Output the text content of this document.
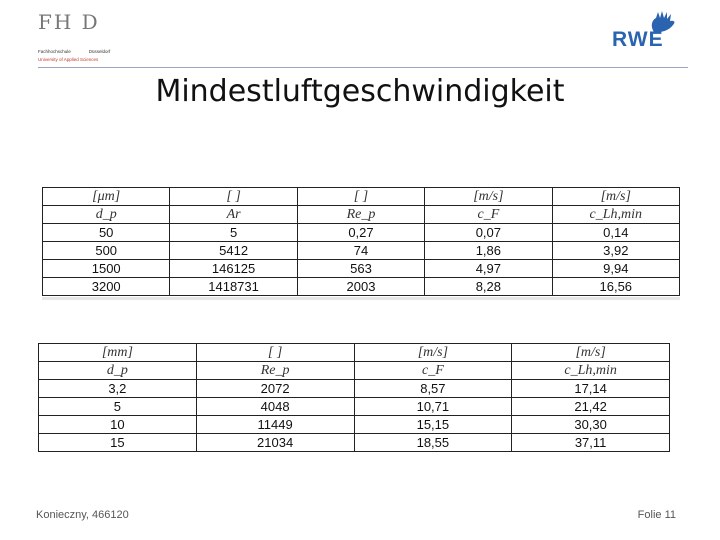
FH D
Fachhochschule	Düsseldorf
University of Applied Sciences
RWE
Mindestluftgeschwindigkeit
[μm]	[ ]	[ ]	[m/s]	[m/s]
d_p	Ar	Re_p	c_F	c_Lh,min
50	5	0,27	0,07	0,14
500	5412	74	1,86	3,92
1500	146125	563	4,97	9,94
3200	1418731	2003	8,28	16,56
[mm]	[ ]	[m/s]	[m/s]
d_p	Re_p	c_F	c_Lh,min
3,2	2072	8,57	17,14
5	4048	10,71	21,42
10	11449	15,15	30,30
15	21034	18,55	37,11
Konieczny, 466120	Folie 11
